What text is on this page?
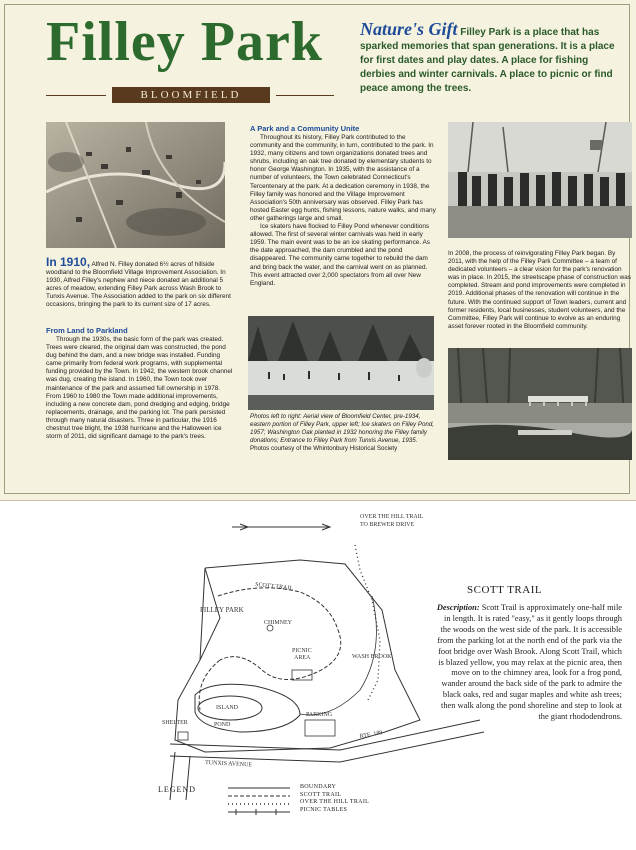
Filley Park
BLOOMFIELD
Nature's Gift Filley Park is a place that has sparked memories that span generations. It is a place for first dates and play dates. A place for fishing derbies and winter carnivals. A place to picnic or find peace among the trees.
In 1910, Alfred N. Filley donated 6½ acres of hillside woodland to the Bloomfield Village Improvement Association. In 1930, Alfred Filley's nephew and niece donated an additional 5 acres of meadow, extending Filley Park across Wash Brook to Tunxis Avenue. The Association added to the park on six different occasions, bringing the park to its current size of 17 acres.
From Land to Parkland

Through the 1930s, the basic form of the park was created. Trees were cleared, the original dam was constructed, the pond dug behind the dam, and a new bridge was installed. Funding came primarily from federal work programs, with supplemental funding provided by the Town. In 1942, the western brook channel was dug, creating the island. In 1960, the Town took over maintenance of the park and assumed full ownership in 1978. From 1960 to 1980 the Town made additional improvements, including a new concrete dam, pond dredging and edging, bridge replacements, drainage, and the parking lot. The park persisted through many natural disasters. Three in particular, the 1916 chestnut tree blight, the 1938 hurricane and the Halloween ice storm of 2011, did significant damage to the park's trees.

A Park and a Community Unite

Throughout its history, Filley Park contributed to the community and the community, in turn, contributed to the park. In 1932, many citizens and town organizations donated trees and shrubs, including an oak tree donated by elementary students to honor George Washington. In 1935, with the assistance of a number of volunteers, the Town celebrated Connecticut's Tercentenary at the park. At a dedication ceremony in 1938, the Filley family was honored and the Village Improvement Association's 50th anniversary was observed. Filley Park has hosted Easter egg hunts, fishing lessons, nature walks, and many other gatherings large and small.

Ice skaters have flocked to Filley Pond whenever conditions allowed. The first of several winter carnivals was held in early 1959. The main event was to be an ice skating performance. As the date approached, the dam crumbled and the pond disappeared. The community came together to rebuild the dam and bring back the water, and the carnival went on as planned. This event attracted over 2,000 spectators from all over New England.

Photos left to right: Aerial view of Bloomfield Center, pre-1934, eastern portion of Filley Park, upper left; Ice skaters on Filley Pond, 1957; Washington Oak planted in 1932 honoring the Filley family donations; Entrance to Filley Park from Tunxis Avenue, 1935.
Photos courtesy of the Whintonbury Historical Society
In 2008, the process of reinvigorating Filley Park began. By 2011, with the help of the Filley Park Committee – a team of dedicated volunteers – a clear vision for the park's renovation was in place. In 2015, the streetscape phase of construction was completed. Stream and pond improvements were completed in 2019. Additional phases of the renovation will continue in the future. With the continued support of Town leaders, current and former residents, local businesses, student volunteers, and the Committee, Filley Park will continue to evolve as an enduring asset forever rooted in the Bloomfield community.
OVER THE HILL TRAIL
TO BREWER DRIVE
SCOTT TRAIL
FILLEY PARK
CHIMNEY
PICNIC
AREA	WASH BROOK
ISLAND
POND
SHELTER
PARKING
RTE. 189
TUNXIS AVENUE
SCOTT TRAIL
Description: Scott Trail is approximately one-half mile in length. It is rated "easy," as it gently loops through the woods on the west side of the park. It is accessible from the parking lot at the north end of the park via the foot bridge over Wash Brook. Along Scott Trail, which is blazed yellow, you may relax at the picnic area, then move on to the chimney area, look for a frog pond, wander around the back side of the park to admire the black oaks, red and sugar maples and white ash trees; then walk along the pond shoreline and step to look at the giant rhododendrons.
LEGEND	BOUNDARY
SCOTT TRAIL
OVER THE HILL TRAIL
PICNIC TABLES
